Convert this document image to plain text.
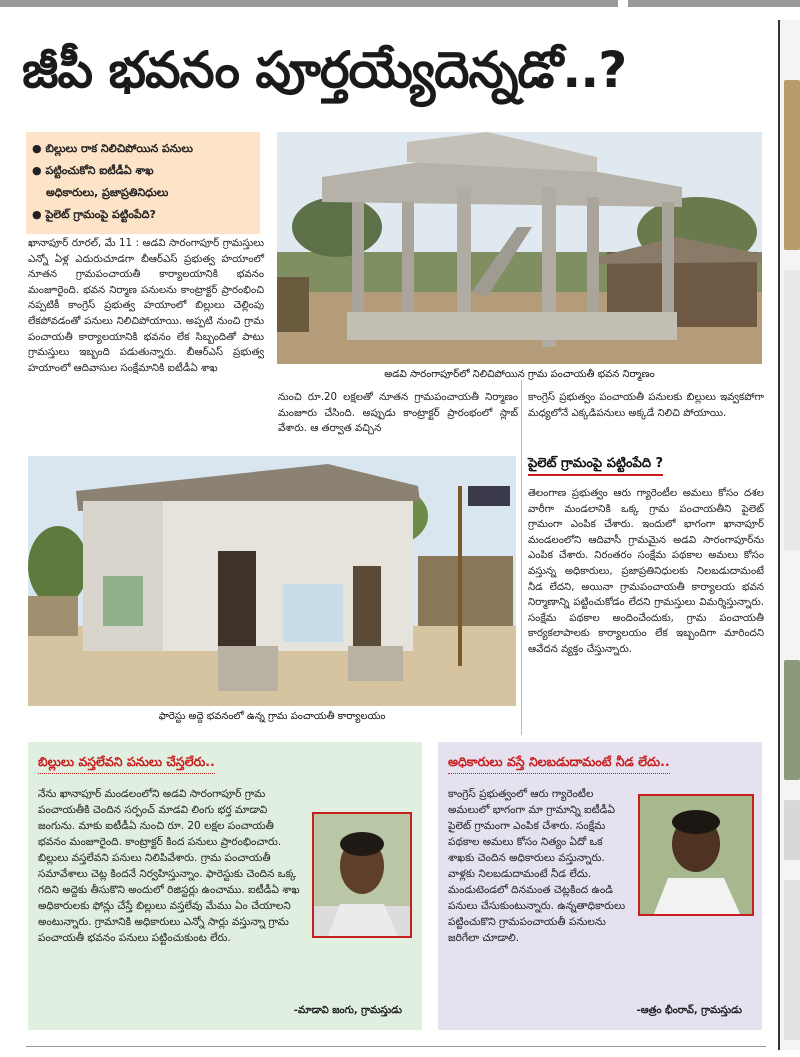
జీపీ భవనం పూర్తయ్యేదెన్నడో..?
● బిల్లులు రాక నిలిచిపోయిన పనులు
● పట్టించుకోని ఐటీడీఏ శాఖ
అధికారులు, ప్రజాప్రతినిధులు
● పైలెట్ గ్రామంపై పట్టింపేది?
అడవి సారంగాపూర్‌లో నిలిచిపోయిన గ్రామ పంచాయతీ భవన నిర్మాణం

ఖానాపూర్ రూరల్, మే 11 : అడవి సారంగాపూర్ గ్రామస్తులు ఎన్నో ఏళ్ల ఎదురుచూడగా బీఆర్ఎస్ ప్రభుత్వ హయాంలో నూతన గ్రామపంచాయతీ కార్యాలయానికి భవనం మంజూరైంది. భవన నిర్మాణ పనులను కాంట్రాక్టర్ ప్రారంభించి నప్పటికీ కాంగ్రెస్ ప్రభుత్వ హయాంలో బిల్లులు చెల్లింపు లేకపోవడంతో పనులు నిలిచిపోయాయి. అప్పటి నుంచి గ్రామ పంచాయతీ కార్యాలయానికి భవనం లేక సిబ్బందితో పాటు గ్రామస్తులు ఇబ్బంది పడుతున్నారు. బీఆర్ఎస్ ప్రభుత్వ హయాంలో ఆదివాసుల సంక్షేమానికి ఐటీడీఏ శాఖ

నుంచి రూ.20 లక్షలతో నూతన గ్రామపంచాయతీ నిర్మాణం మంజూరు చేసింది. అప్పుడు కాంట్రాక్టర్ ప్రారంభంలో స్లాబ్ వేశారు. ఆ తర్వాత వచ్చిన

కాంగ్రెస్ ప్రభుత్వం పంచాయతీ పనులకు బిల్లులు ఇవ్వకపోగా మధ్యలోనే ఎక్కడిపనులు అక్కడే నిలిచి పోయాయి.

ఫారెస్టు అద్దె భవనంలో ఉన్న గ్రామ పంచాయతీ కార్యాలయం
పైలెట్ గ్రామంపై పట్టింపేది ?

తెలంగాణ ప్రభుత్వం ఆరు గ్యారెంటీల అమలు కోసం దశల వారీగా మండలానికి ఒక్క గ్రామ పంచాయతీని పైలెట్ గ్రామంగా ఎంపిక చేశారు. ఇందులో భాగంగా ఖానాపూర్ మండలంలోని ఆదివాసీ గ్రామమైన అడవి సారంగాపూర్‌ను ఎంపిక చేశారు. నిరంతరం సంక్షేమ పథకాల అమలు కోసం వస్తున్న అధికారులు, ప్రజాప్రతినిధులకు నిలబడుదామంటే నీడ లేదని, అయినా గ్రామపంచాయతీ కార్యాలయ భవన నిర్మాణాన్ని పట్టించుకోడం లేదని గ్రామస్తులు విమర్శిస్తున్నారు. సంక్షేమ పథకాల అందించేందుకు, గ్రామ పంచాయతీ కార్యకలాపాలకు కార్యాలయం లేక ఇబ్బందిగా మారిందని ఆవేదన వ్యక్తం చేస్తున్నారు.

బిల్లులు వస్తలేవని పనులు చేస్తలేరు..
నేను ఖానాపూర్ మండలంలోని అడవి సారంగాపూర్ గ్రామ పంచాయతీకి చెందిన సర్పంచ్ మాడవి లింగు భర్త మాడావి జంగును. మాకు ఐటీడీఏ నుంచి రూ. 20 లక్షల పంచాయతీ భవనం మంజూరైంది. కాంట్రాక్టర్ కింద పనులు ప్రారంభించారు. బిల్లులు వస్తలేవని పనులు నిలిపివేశారు. గ్రామ పంచాయతీ సమావేశాలు చెట్ల కిందనే నిర్వహిస్తున్నాం. ఫారెస్టుకు చెందిన ఒక్క గదిని అద్దెకు తీసుకొని అందులో రిజిస్టర్లు ఉంచాము. ఐటీడీఏ శాఖ అధికారులకు ఫోన్లు చేస్తే బిల్లులు వస్తలేవు మేము ఏం చేయాలని అంటున్నారు. గ్రామానికి అధికారులు ఎన్నో సార్లు వస్తున్నా గ్రామ పంచాయతీ భవనం పనులు పట్టించుకుంట లేరు.
-మాడావి జంగు, గ్రామస్తుడు
అధికారులు వస్తే నిలబడుదామంటే నీడ లేదు..
కాంగ్రెస్ ప్రభుత్వంలో ఆరు గ్యారెంటీల అమలులో భాగంగా మా గ్రామాన్ని ఐటీడీఏ పైలెట్ గ్రామంగా ఎంపిక చేశారు. సంక్షేమ పథకాల అమలు కోసం నిత్యం ఏదో ఒక శాఖకు చెందిన అధికారులు వస్తున్నారు. వాళ్లకు నిలబడుదామంటే నీడ లేదు. మండుటెండలో దినమంత చెట్లకింద ఉండి పనులు చేసుకుంటున్నారు. ఉన్నతాధికారులు పట్టించుకొని గ్రామపంచాయతీ పనులను జరిగేలా చూడాలి.
-ఆత్రం భీంరావ్, గ్రామస్తుడు
